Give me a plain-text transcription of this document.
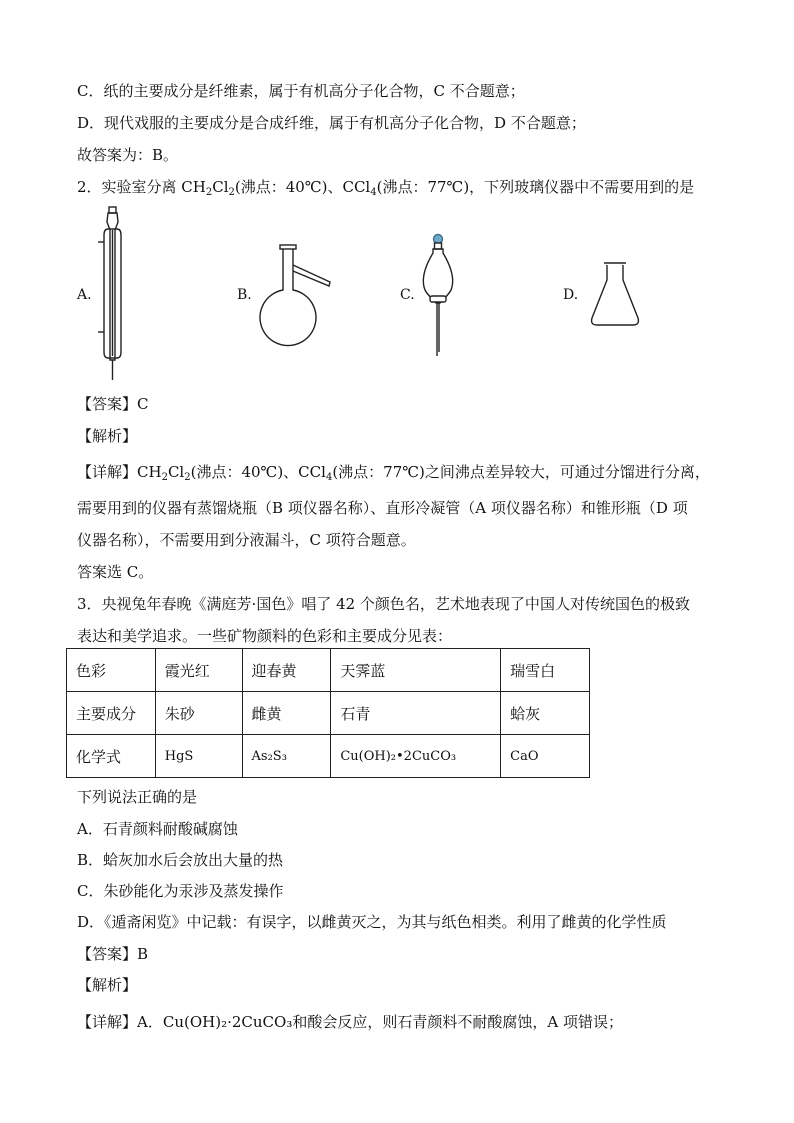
C．纸的主要成分是纤维素，属于有机高分子化合物，C 不合题意；
D．现代戏服的主要成分是合成纤维，属于有机高分子化合物，D 不合题意；
故答案为：B。
2．实验室分离 $CH_2Cl_2$(沸点：40℃)、CCl$_4$(沸点：77℃)，下列玻璃仪器中不需要用到的是
A.	B.	C.	D.
【答案】C
【解析】
【详解】$CH_2Cl_2$(沸点：40℃)、CCl$_4$(沸点：77℃)之间沸点差异较大，可通过分馏进行分离，
需要用到的仪器有蒸馏烧瓶（B 项仪器名称）、直形冷凝管（A 项仪器名称）和锥形瓶（D 项
仪器名称），不需要用到分液漏斗，C 项符合题意。
答案选 C。
3．央视兔年春晚《满庭芳·国色》唱了 42 个颜色名，艺术地表现了中国人对传统国色的极致
表达和美学追求。一些矿物颜料的色彩和主要成分见表：
色彩	霞光红	迎春黄	天霁蓝	瑞雪白
主要成分	朱砂	雌黄	石青	蛤灰
化学式	HgS	As₂S₃	Cu(OH)₂•2CuCO₃	CaO
下列说法正确的是
A．石青颜料耐酸碱腐蚀
B．蛤灰加水后会放出大量的热
C．朱砂能化为汞涉及蒸发操作
D．《遁斋闲览》中记载：有误字，以雌黄灭之，为其与纸色相类。利用了雌黄的化学性质
【答案】B
【解析】
【详解】A．Cu(OH)₂·2CuCO₃和酸会反应，则石青颜料不耐酸腐蚀，A 项错误；
